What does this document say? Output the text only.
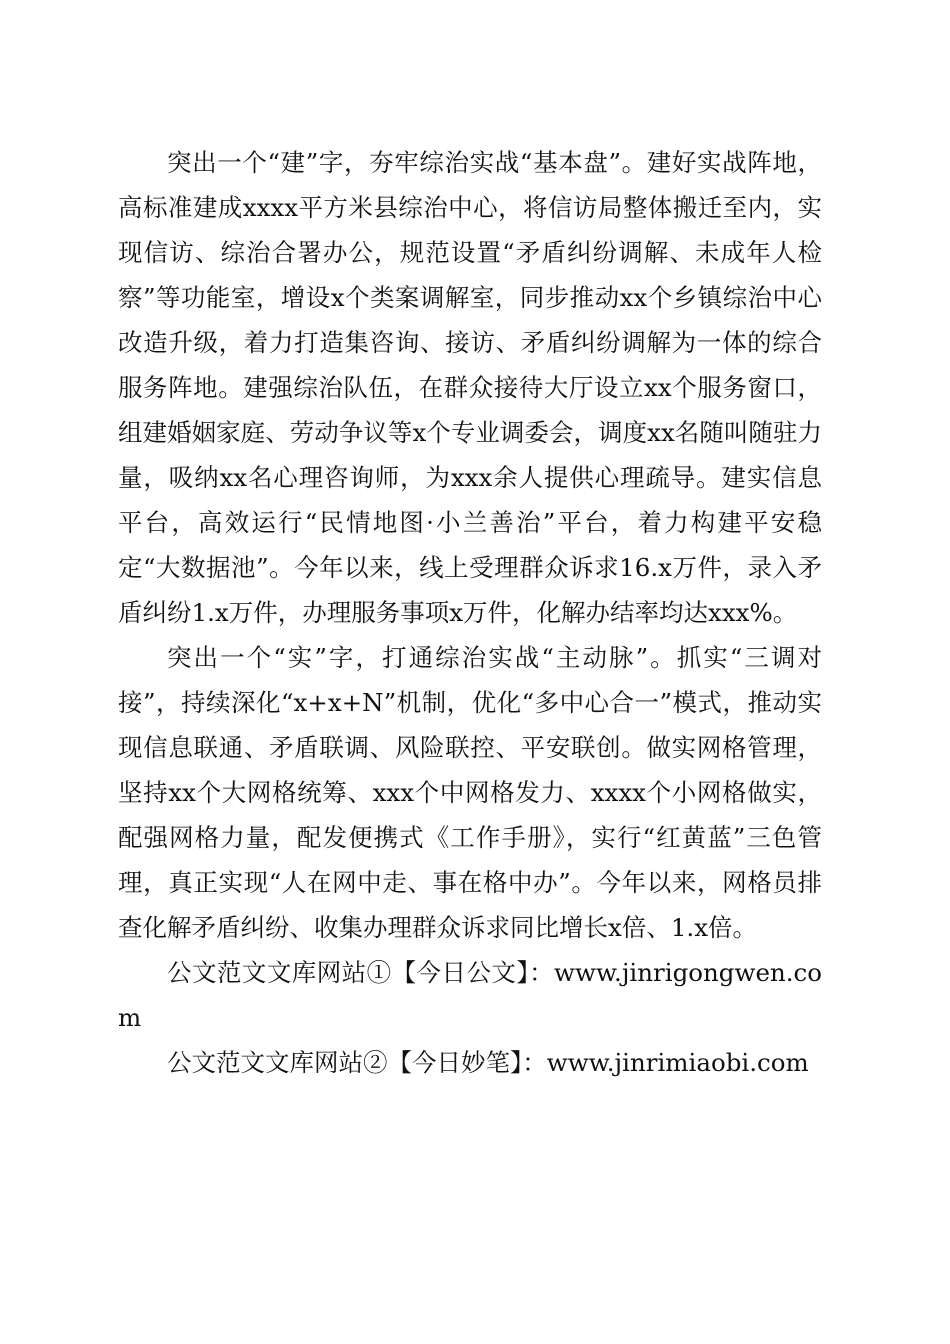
突出一个“建”字，夯牢综治实战“基本盘”。建好实战阵地，高标准建成xxxx平方米县综治中心，将信访局整体搬迁至内，实现信访、综治合署办公，规范设置“矛盾纠纷调解、未成年人检察”等功能室，增设x个类案调解室，同步推动xx个乡镇综治中心改造升级，着力打造集咨询、接访、矛盾纠纷调解为一体的综合服务阵地。建强综治队伍，在群众接待大厅设立xx个服务窗口，组建婚姻家庭、劳动争议等x个专业调委会，调度xx名随叫随驻力量，吸纳xx名心理咨询师，为xxx余人提供心理疏导。建实信息平台，高效运行“民情地图·小兰善治”平台，着力构建平安稳定“大数据池”。今年以来，线上受理群众诉求16.x万件，录入矛盾纠纷1.x万件，办理服务事项x万件，化解办结率均达xxx%。

突出一个“实”字，打通综治实战“主动脉”。抓实“三调对接”，持续深化“x+x+N”机制，优化“多中心合一”模式，推动实现信息联通、矛盾联调、风险联控、平安联创。做实网格管理，坚持xx个大网格统筹、xxx个中网格发力、xxxx个小网格做实，配强网格力量，配发便携式《工作手册》，实行“红黄蓝”三色管理，真正实现“人在网中走、事在格中办”。今年以来，网格员排查化解矛盾纠纷、收集办理群众诉求同比增长x倍、1.x倍。

公文范文文库网站①【今日公文】：www.jinrigongwen.com

公文范文文库网站②【今日妙笔】：www.jinrimiaobi.com
